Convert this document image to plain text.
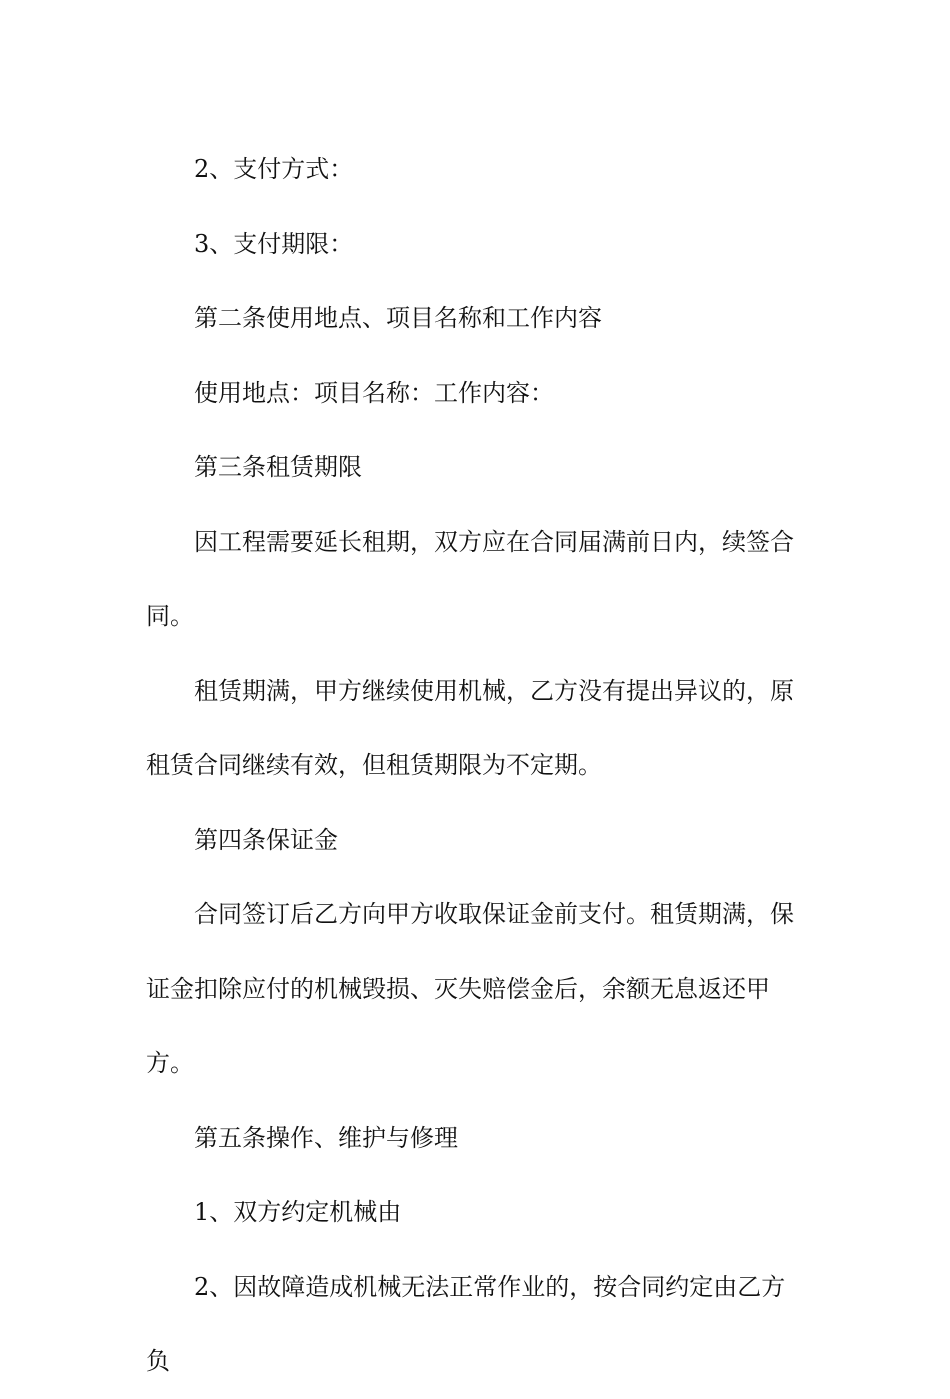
2、支付方式：

3、支付期限：

第二条使用地点、项目名称和工作内容

使用地点：项目名称：工作内容：

第三条租赁期限

因工程需要延长租期，双方应在合同届满前日内，续签合同。

租赁期满，甲方继续使用机械，乙方没有提出异议的，原租赁合同继续有效，但租赁期限为不定期。

第四条保证金

合同签订后乙方向甲方收取保证金前支付。租赁期满，保证金扣除应付的机械毁损、灭失赔偿金后，余额无息返还甲方。

第五条操作、维护与修理

1、双方约定机械由

2、因故障造成机械无法正常作业的，按合同约定由乙方负
